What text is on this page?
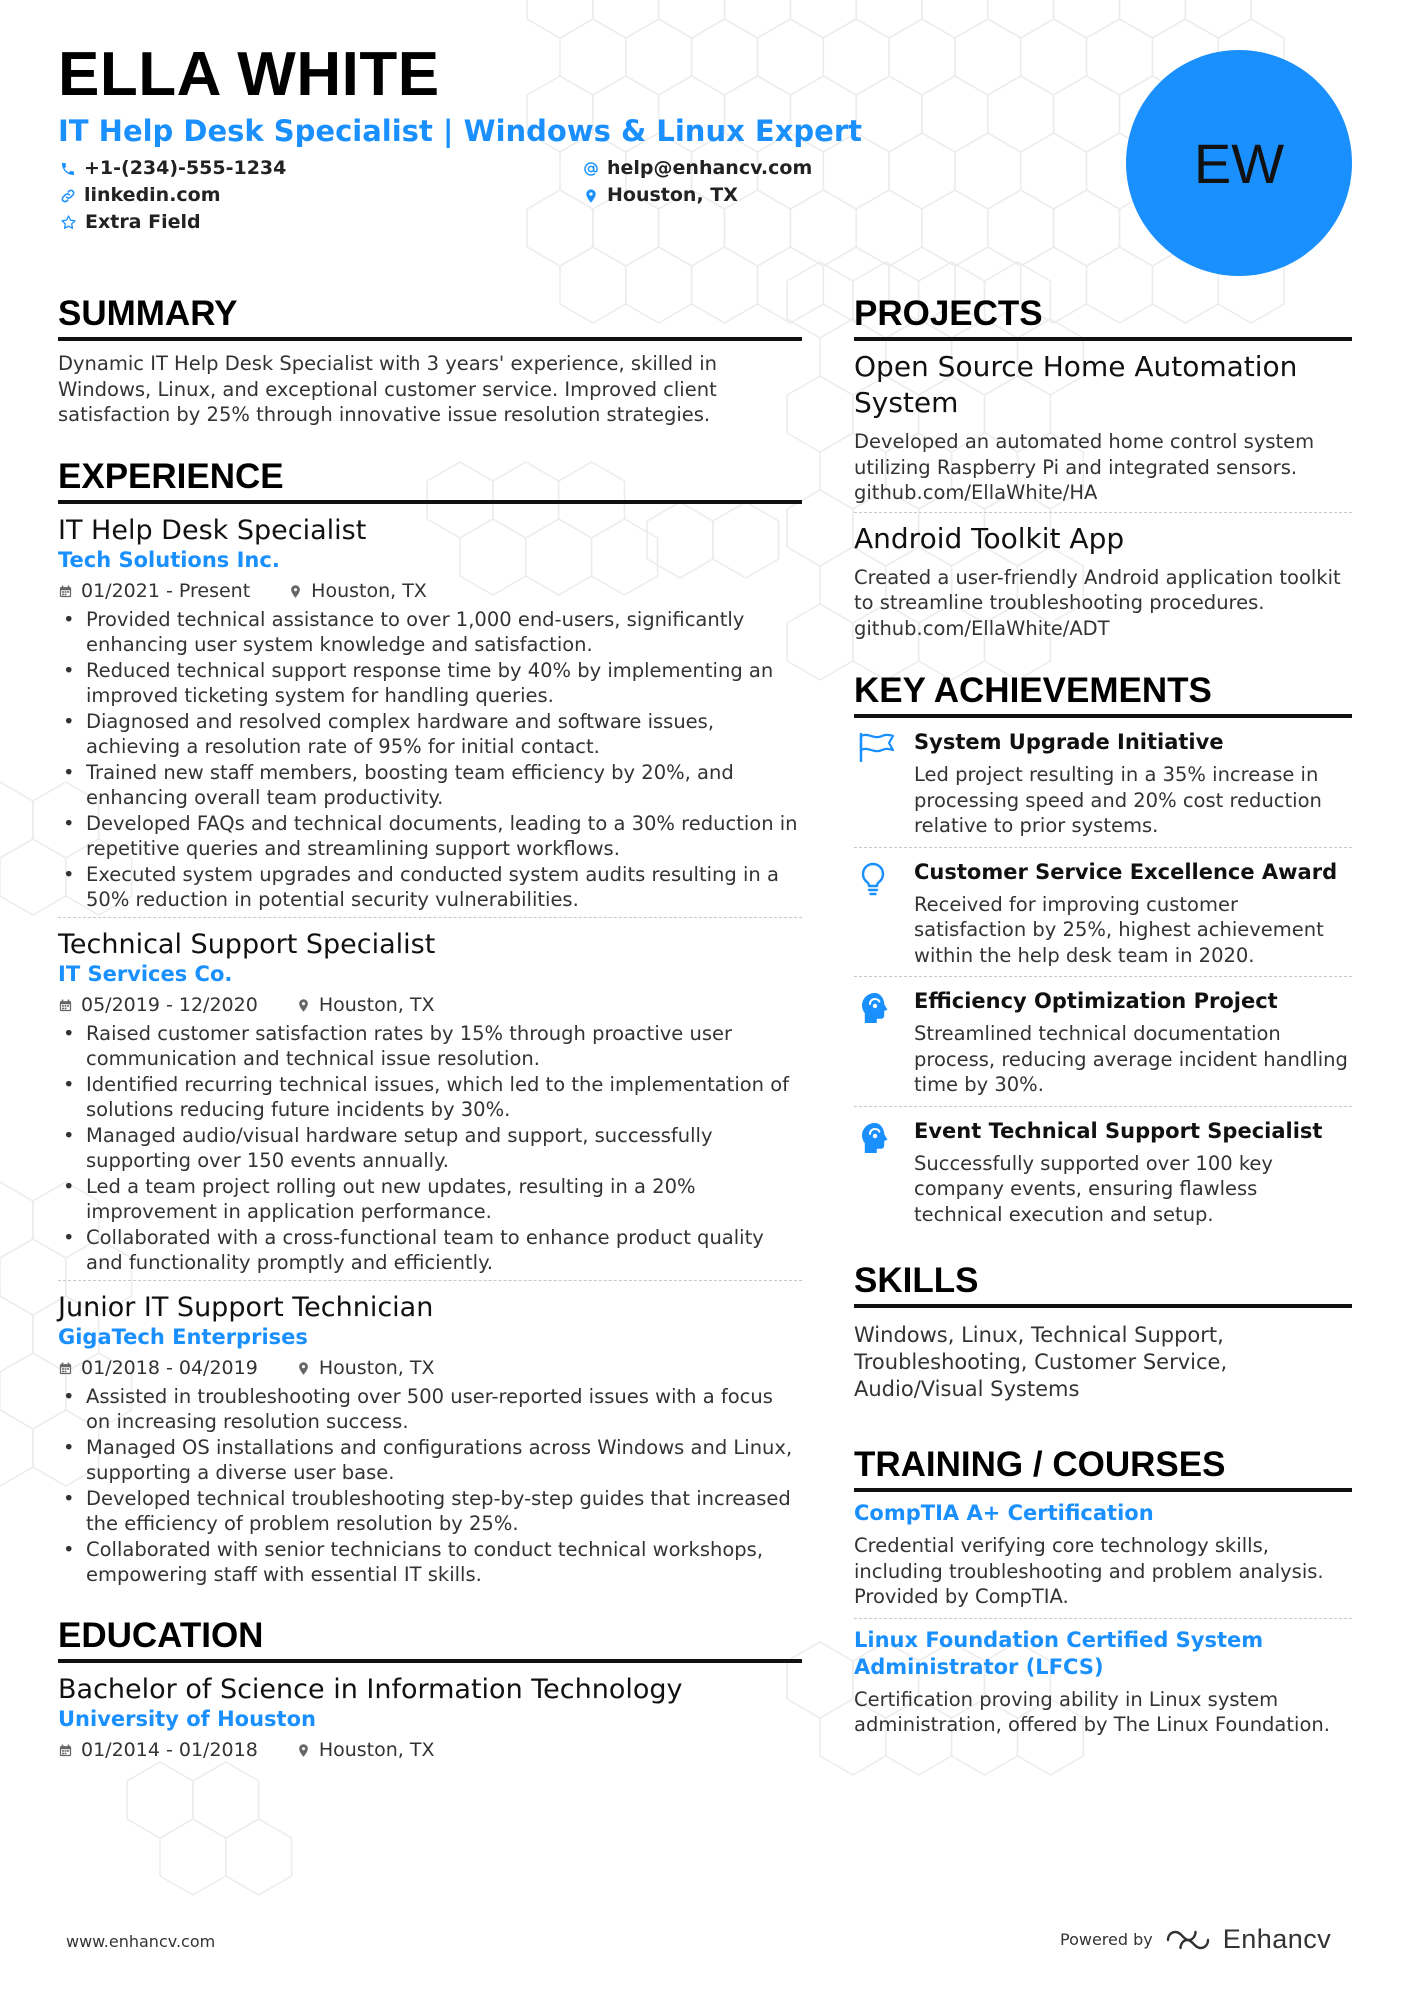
ELLA WHITE
IT Help Desk Specialist | Windows & Linux Expert
+1-(234)-555-1234	help@enhancv.com
linkedin.com	Houston, TX
Extra Field
EW
SUMMARY
Dynamic IT Help Desk Specialist with 3 years' experience, skilled in Windows, Linux, and exceptional customer service. Improved client satisfaction by 25% through innovative issue resolution strategies.
EXPERIENCE
IT Help Desk Specialist
Tech Solutions Inc.
01/2021 - Present	Houston, TX
• Provided technical assistance to over 1,000 end-users, significantly enhancing user system knowledge and satisfaction.
• Reduced technical support response time by 40% by implementing an improved ticketing system for handling queries.
• Diagnosed and resolved complex hardware and software issues, achieving a resolution rate of 95% for initial contact.
• Trained new staff members, boosting team efficiency by 20%, and enhancing overall team productivity.
• Developed FAQs and technical documents, leading to a 30% reduction in repetitive queries and streamlining support workflows.
• Executed system upgrades and conducted system audits resulting in a 50% reduction in potential security vulnerabilities.
Technical Support Specialist
IT Services Co.
05/2019 - 12/2020	Houston, TX
• Raised customer satisfaction rates by 15% through proactive user communication and technical issue resolution.
• Identified recurring technical issues, which led to the implementation of solutions reducing future incidents by 30%.
• Managed audio/visual hardware setup and support, successfully supporting over 150 events annually.
• Led a team project rolling out new updates, resulting in a 20% improvement in application performance.
• Collaborated with a cross-functional team to enhance product quality and functionality promptly and efficiently.
Junior IT Support Technician
GigaTech Enterprises
01/2018 - 04/2019	Houston, TX
• Assisted in troubleshooting over 500 user-reported issues with a focus on increasing resolution success.
• Managed OS installations and configurations across Windows and Linux, supporting a diverse user base.
• Developed technical troubleshooting step-by-step guides that increased the efficiency of problem resolution by 25%.
• Collaborated with senior technicians to conduct technical workshops, empowering staff with essential IT skills.
EDUCATION
Bachelor of Science in Information Technology
University of Houston
01/2014 - 01/2018	Houston, TX
PROJECTS
Open Source Home Automation System
Developed an automated home control system utilizing Raspberry Pi and integrated sensors.
github.com/EllaWhite/HA
Android Toolkit App
Created a user-friendly Android application toolkit to streamline troubleshooting procedures.
github.com/EllaWhite/ADT
KEY ACHIEVEMENTS
System Upgrade Initiative
Led project resulting in a 35% increase in processing speed and 20% cost reduction relative to prior systems.
Customer Service Excellence Award
Received for improving customer satisfaction by 25%, highest achievement within the help desk team in 2020.
Efficiency Optimization Project
Streamlined technical documentation process, reducing average incident handling time by 30%.
Event Technical Support Specialist
Successfully supported over 100 key company events, ensuring flawless technical execution and setup.
SKILLS
Windows, Linux, Technical Support, Troubleshooting, Customer Service, Audio/Visual Systems
TRAINING / COURSES
CompTIA A+ Certification
Credential verifying core technology skills, including troubleshooting and problem analysis. Provided by CompTIA.
Linux Foundation Certified System Administrator (LFCS)
Certification proving ability in Linux system administration, offered by The Linux Foundation.
www.enhancv.com	Powered by	Enhancv
